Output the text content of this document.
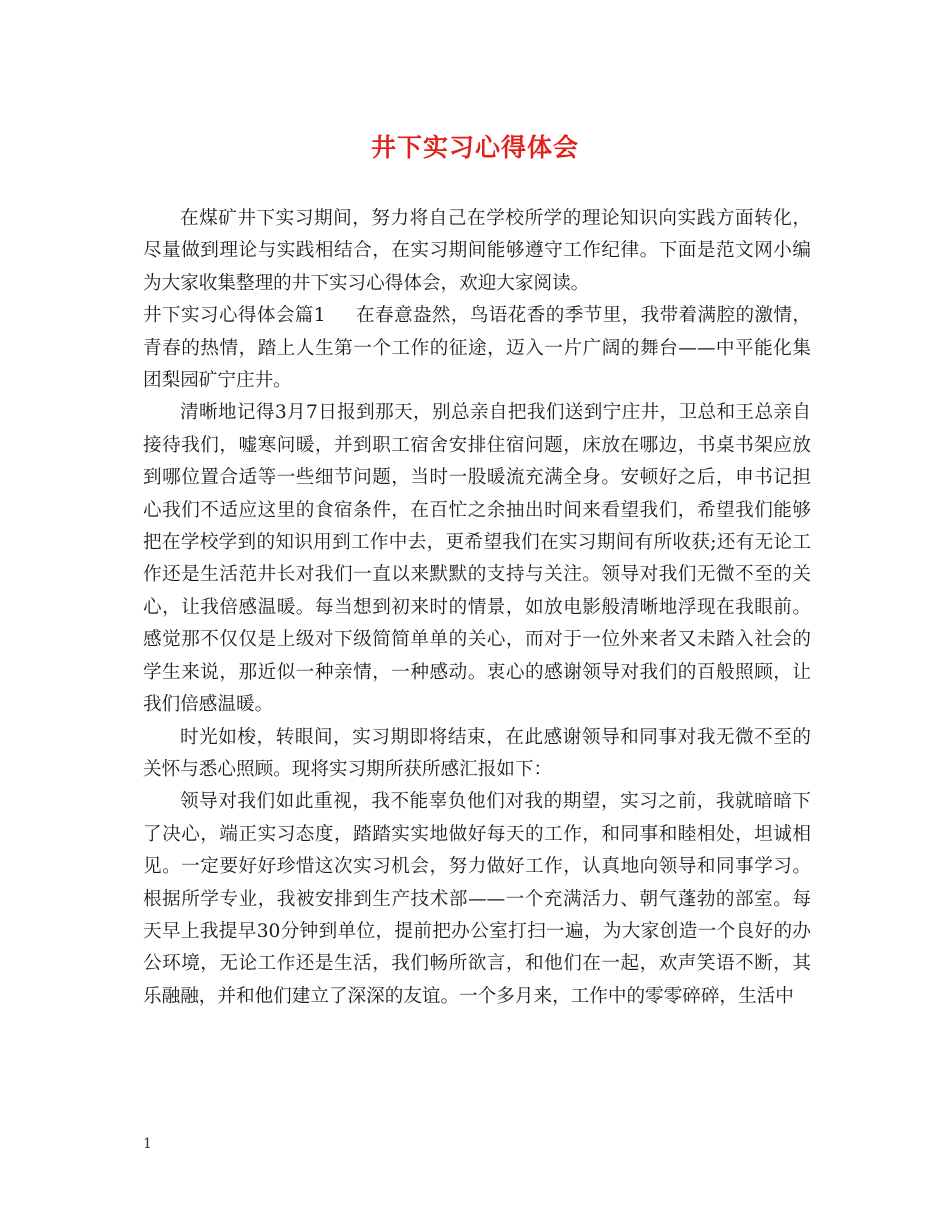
井下实习心得体会

在煤矿井下实习期间，努力将自己在学校所学的理论知识向实践方面转化，尽量做到理论与实践相结合，在实习期间能够遵守工作纪律。下面是范文网小编为大家收集整理的井下实习心得体会，欢迎大家阅读。

井下实习心得体会篇1 在春意盎然，鸟语花香的季节里，我带着满腔的激情，青春的热情，踏上人生第一个工作的征途，迈入一片广阔的舞台——中平能化集团梨园矿宁庄井。

清晰地记得3月7日报到那天，别总亲自把我们送到宁庄井，卫总和王总亲自接待我们，嘘寒问暖，并到职工宿舍安排住宿问题，床放在哪边，书桌书架应放到哪位置合适等一些细节问题，当时一股暖流充满全身。安顿好之后，申书记担心我们不适应这里的食宿条件，在百忙之余抽出时间来看望我们，希望我们能够把在学校学到的知识用到工作中去，更希望我们在实习期间有所收获;还有无论工作还是生活范井长对我们一直以来默默的支持与关注。领导对我们无微不至的关心，让我倍感温暖。每当想到初来时的情景，如放电影般清晰地浮现在我眼前。感觉那不仅仅是上级对下级简简单单的关心，而对于一位外来者又未踏入社会的学生来说，那近似一种亲情，一种感动。衷心的感谢领导对我们的百般照顾，让我们倍感温暖。

时光如梭，转眼间，实习期即将结束，在此感谢领导和同事对我无微不至的关怀与悉心照顾。现将实习期所获所感汇报如下：

领导对我们如此重视，我不能辜负他们对我的期望，实习之前，我就暗暗下了决心，端正实习态度，踏踏实实地做好每天的工作，和同事和睦相处，坦诚相见。一定要好好珍惜这次实习机会，努力做好工作，认真地向领导和同事学习。根据所学专业，我被安排到生产技术部——一个充满活力、朝气蓬勃的部室。每天早上我提早30分钟到单位，提前把办公室打扫一遍，为大家创造一个良好的办公环境，无论工作还是生活，我们畅所欲言，和他们在一起，欢声笑语不断，其乐融融，并和他们建立了深深的友谊。一个多月来，工作中的零零碎碎，生活中

1
